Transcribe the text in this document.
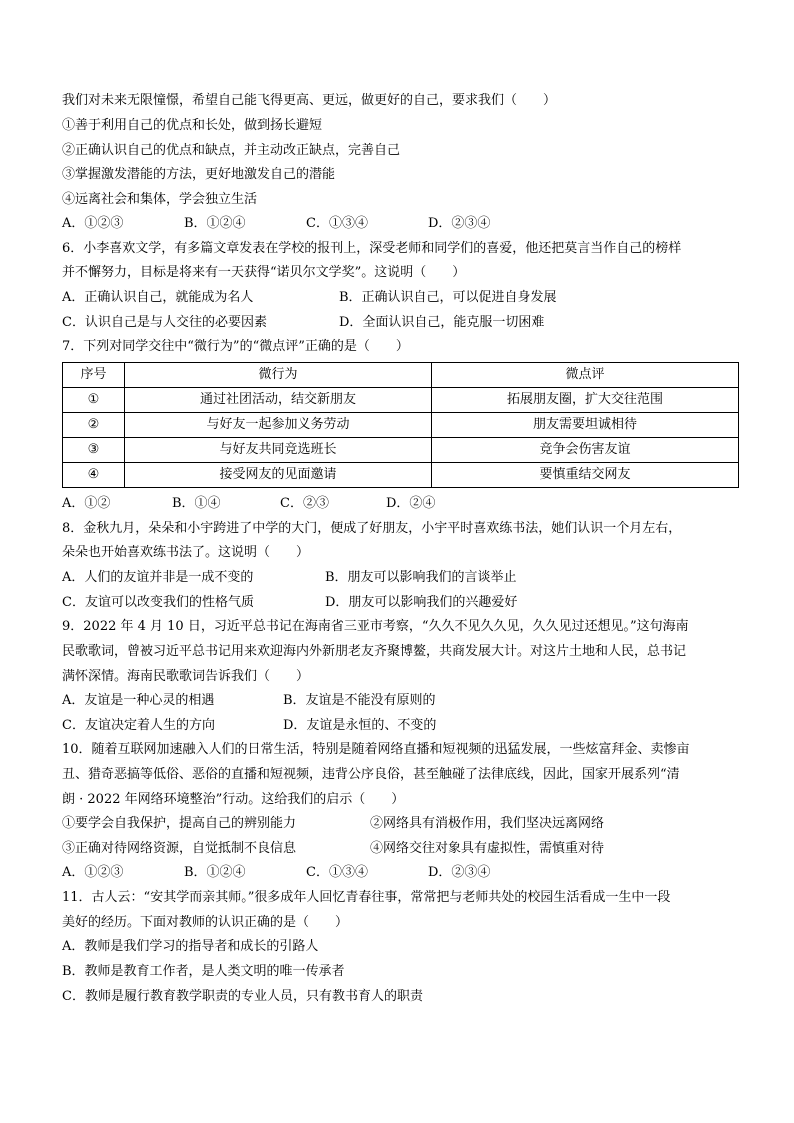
我们对未来无限憧憬，希望自己能飞得更高、更远，做更好的自己，要求我们（　　）
①善于利用自己的优点和长处，做到扬长避短
②正确认识自己的优点和缺点，并主动改正缺点，完善自己
③掌握激发潜能的方法，更好地激发自己的潜能
④远离社会和集体，学会独立生活
A．①②③	B．①②④	C．①③④	D．②③④
6．小李喜欢文学，有多篇文章发表在学校的报刊上，深受老师和同学们的喜爱，他还把莫言当作自己的榜样
并不懈努力，目标是将来有一天获得“诺贝尔文学奖”。这说明（　　）
A．正确认识自己，就能成为名人	B．正确认识自己，可以促进自身发展
C．认识自己是与人交往的必要因素	D．全面认识自己，能克服一切困难
7．下列对同学交往中“微行为”的“微点评”正确的是（　　）
序号	微行为	微点评
①	通过社团活动，结交新朋友	拓展朋友圈，扩大交往范围
②	与好友一起参加义务劳动	朋友需要坦诚相待
③	与好友共同竞选班长	竞争会伤害友谊
④	接受网友的见面邀请	要慎重结交网友
A．①②	B．①④	C．②③	D．②④
8．金秋九月，朵朵和小宇跨进了中学的大门，便成了好朋友，小宇平时喜欢练书法，她们认识一个月左右，
朵朵也开始喜欢练书法了。这说明（　　）
A．人们的友谊并非是一成不变的	B．朋友可以影响我们的言谈举止
C．友谊可以改变我们的性格气质	D．朋友可以影响我们的兴趣爱好
9．2022 年 4 月 10 日，习近平总书记在海南省三亚市考察，“久久不见久久见，久久见过还想见。”这句海南
民歌歌词，曾被习近平总书记用来欢迎海内外新朋老友齐聚博鳌，共商发展大计。对这片土地和人民，总书记
满怀深情。海南民歌歌词告诉我们（　　）
A．友谊是一种心灵的相遇	B．友谊是不能没有原则的
C．友谊决定着人生的方向	D．友谊是永恒的、不变的
10．随着互联网加速融入人们的日常生活，特别是随着网络直播和短视频的迅猛发展，一些炫富拜金、卖惨亩
丑、猎奇恶搞等低俗、恶俗的直播和短视频，违背公序良俗，甚至触碰了法律底线，因此，国家开展系列“清
朗 · 2022 年网络环境整治”行动。这给我们的启示（　　）
①要学会自我保护，提高自己的辨别能力	②网络具有消极作用，我们坚决远离网络
③正确对待网络资源，自觉抵制不良信息	④网络交往对象具有虚拟性，需慎重对待
A．①②③	B．①②④	C．①③④	D．②③④
11．古人云：“安其学而亲其师。”很多成年人回忆青春往事，常常把与老师共处的校园生活看成一生中一段
美好的经历。下面对教师的认识正确的是（　　）
A．教师是我们学习的指导者和成长的引路人
B．教师是教育工作者，是人类文明的唯一传承者
C．教师是履行教育教学职责的专业人员，只有教书育人的职责
